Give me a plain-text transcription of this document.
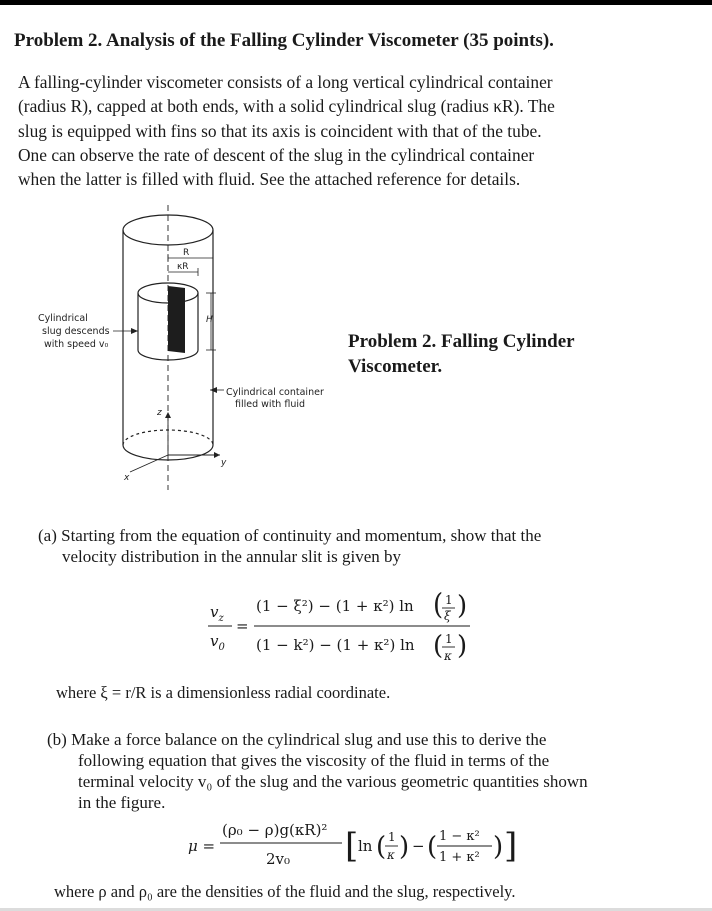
Problem 2. Analysis of the Falling Cylinder Viscometer (35 points).
A falling-cylinder viscometer consists of a long vertical cylindrical container
(radius R), capped at both ends, with a solid cylindrical slug (radius κR). The
slug is equipped with fins so that its axis is coincident with that of the tube.
One can observe the rate of descent of the slug in the cylindrical container
when the latter is filled with fluid. See the attached reference for details.
R
κR
H
z
x
y
Cylindrical
slug descends
with speed v₀
Cylindrical container
filled with fluid
Problem 2. Falling Cylinder
Viscometer.
(a) Starting from the equation of continuity and momentum, show that the
velocity distribution in the annular slit is given by
$v_z$
$v_0$
=
(1 − ξ²) − (1 + κ²) ln ( 1
ξ )
(1 − k²) − (1 + κ²) ln ( 1
κ )
where ξ = r/R is a dimensionless radial coordinate.
(b) Make a force balance on the cylindrical slug and use this to derive the
following equation that gives the viscosity of the fluid in terms of the
terminal velocity v₀ of the slug and the various geometric quantities shown
in the figure.
μ =
(ρ₀ − ρ)g(κR)²
2v₀ [ ln ( 1
κ ) − ( 1 − κ²
1 + κ² ) ]
where ρ and ρ₀ are the densities of the fluid and the slug, respectively.
